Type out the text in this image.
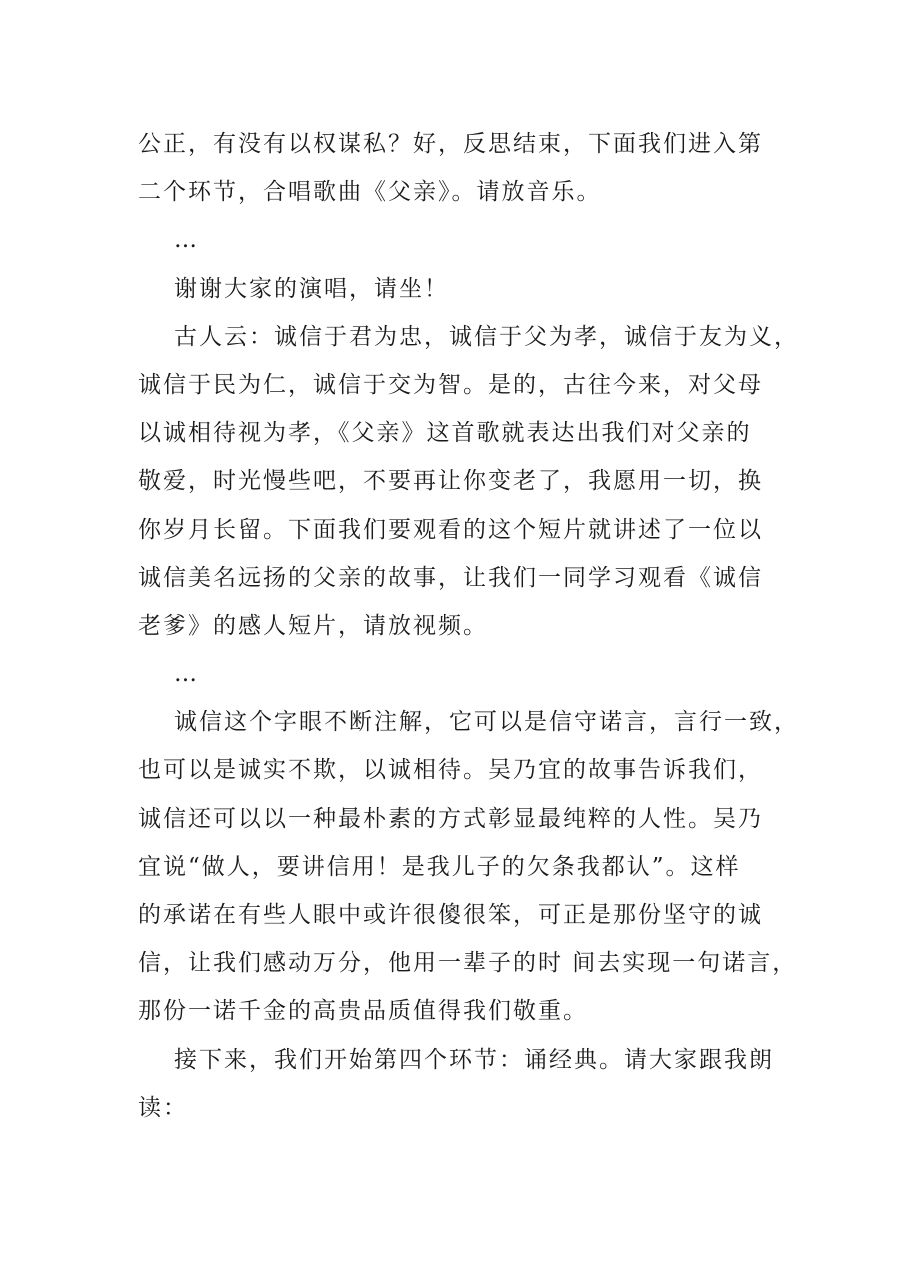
公正，有没有以权谋私？好，反思结束，下面我们进入第
二个环节，合唱歌曲《父亲》。请放音乐。
…
谢谢大家的演唱，请坐！
古人云：诚信于君为忠，诚信于父为孝，诚信于友为义，
诚信于民为仁，诚信于交为智。是的，古往今来，对父母
以诚相待视为孝，《父亲》这首歌就表达出我们对父亲的
敬爱，时光慢些吧，不要再让你变老了，我愿用一切，换
你岁月长留。下面我们要观看的这个短片就讲述了一位以
诚信美名远扬的父亲的故事，让我们一同学习观看《诚信
老爹》的感人短片，请放视频。
…
诚信这个字眼不断注解，它可以是信守诺言，言行一致，
也可以是诚实不欺，以诚相待。吴乃宜的故事告诉我们，
诚信还可以以一种最朴素的方式彰显最纯粹的人性。吴乃
宜说“做人，要讲信用！是我儿子的欠条我都认”。这样
的承诺在有些人眼中或许很傻很笨，可正是那份坚守的诚
信，让我们感动万分，他用一辈子的时 间去实现一句诺言，
那份一诺千金的高贵品质值得我们敬重。
接下来，我们开始第四个环节：诵经典。请大家跟我朗
读：
